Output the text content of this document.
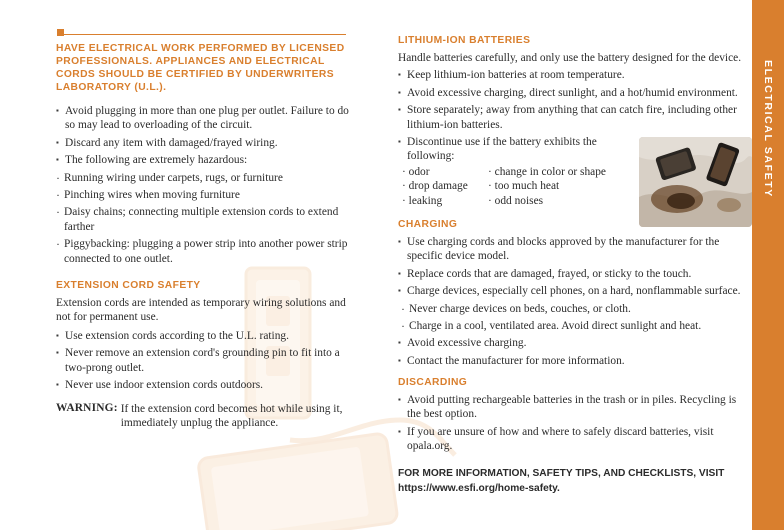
ELECTRICAL SAFETY
HAVE ELECTRICAL WORK PERFORMED BY LICENSED PROFESSIONALS. APPLIANCES AND ELECTRICAL CORDS SHOULD BE CERTIFIED BY UNDERWRITERS LABORATORY (U.L.).
▪ Avoid plugging in more than one plug per outlet. Failure to do so may lead to overloading of the circuit.
▪ Discard any item with damaged/frayed wiring.
▪ The following are extremely hazardous:
· Running wiring under carpets, rugs, or furniture
· Pinching wires when moving furniture
· Daisy chains; connecting multiple extension cords to extend farther
· Piggybacking: plugging a power strip into another power strip connected to one outlet.
EXTENSION CORD SAFETY
Extension cords are intended as temporary wiring solutions and not for permanent use.
▪ Use extension cords according to the U.L. rating.
▪ Never remove an extension cord's grounding pin to fit into a two-prong outlet.
▪ Never use indoor extension cords outdoors.
WARNING: If the extension cord becomes hot while using it, immediately unplug the appliance.
LITHIUM-ION BATTERIES
Handle batteries carefully, and only use the battery designed for the device.
▪ Keep lithium-ion batteries at room temperature.
▪ Avoid excessive charging, direct sunlight, and a hot/humid environment.
▪ Store separately; away from anything that can catch fire, including other lithium-ion batteries.
▪ Discontinue use if the battery exhibits the following:
· odor
· drop damage
· leaking
· change in color or shape
· too much heat
· odd noises
CHARGING
▪ Use charging cords and blocks approved by the manufacturer for the specific device model.
▪ Replace cords that are damaged, frayed, or sticky to the touch.
▪ Charge devices, especially cell phones, on a hard, nonflammable surface.
· Never charge devices on beds, couches, or cloth.
· Charge in a cool, ventilated area. Avoid direct sunlight and heat.
▪ Avoid excessive charging.
▪ Contact the manufacturer for more information.
DISCARDING
▪ Avoid putting rechargeable batteries in the trash or in piles. Recycling is the best option.
▪ If you are unsure of how and where to safely discard batteries, visit opala.org.
FOR MORE INFORMATION, SAFETY TIPS, AND CHECKLISTS, VISIT
https://www.esfi.org/home-safety.
